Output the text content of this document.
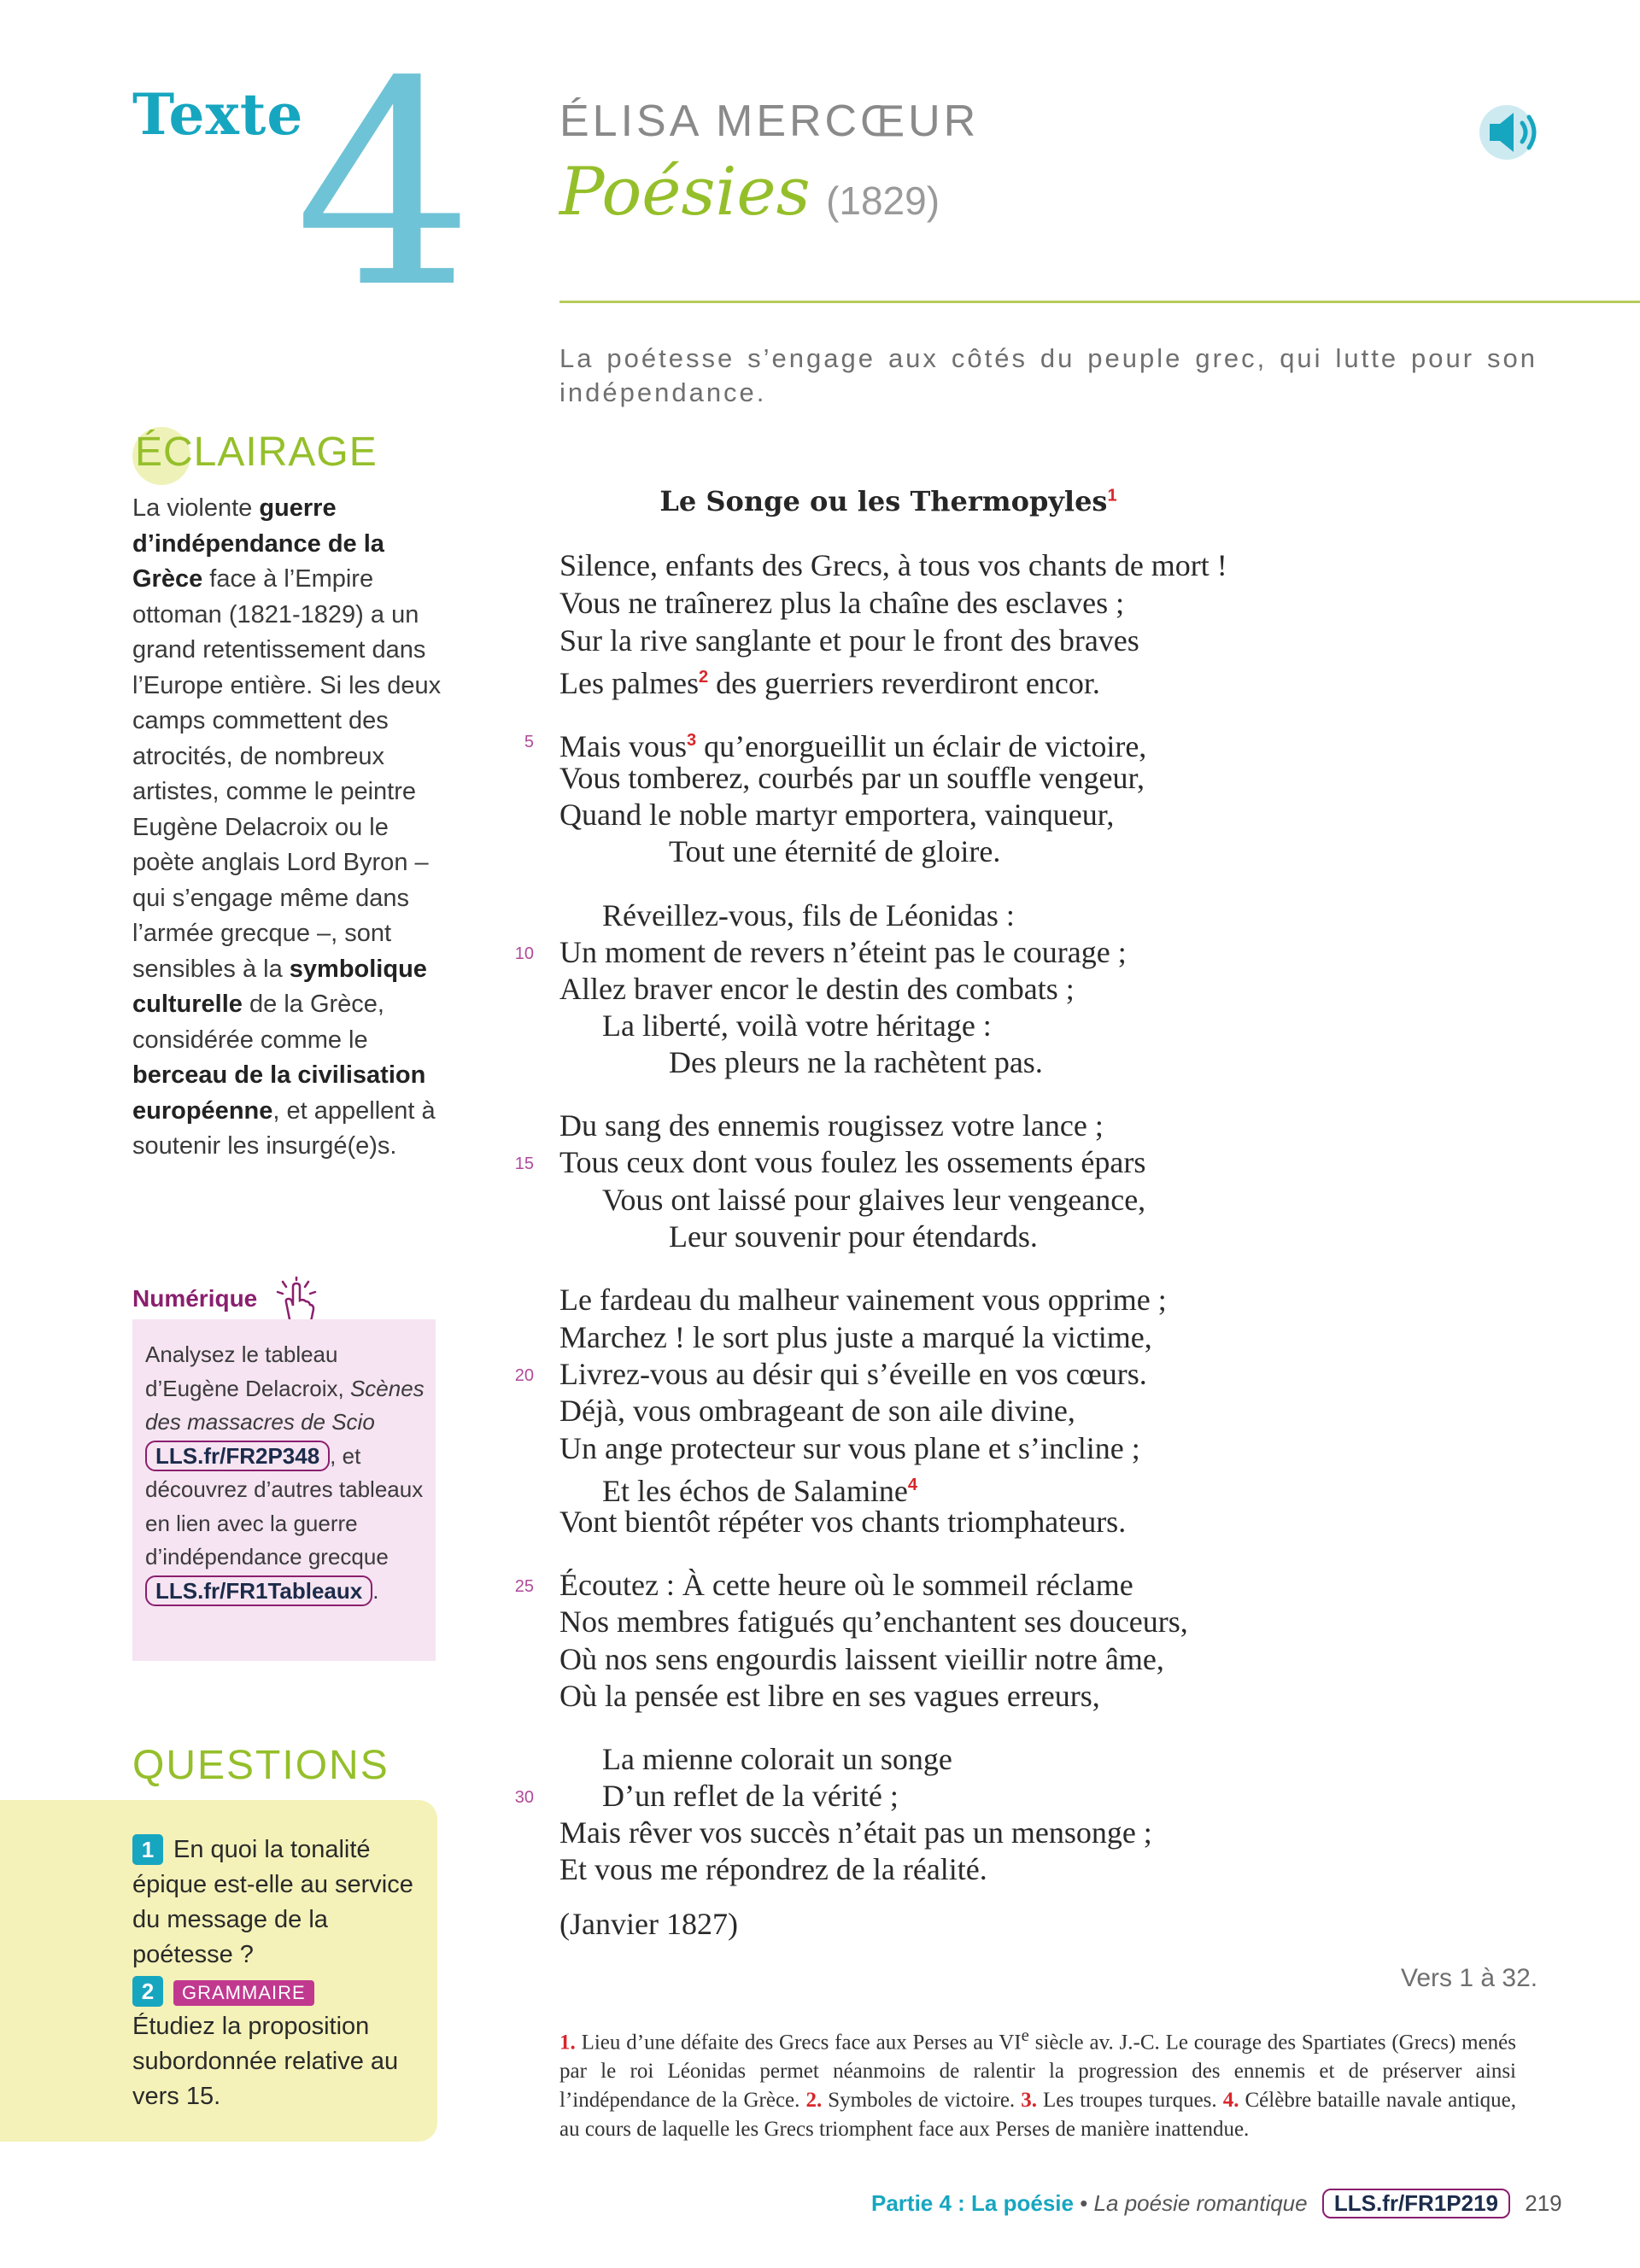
Texte
4 ÉLISA MERCŒUR
Poésies (1829)
La poétesse s’engage aux côtés du peuple grec, qui lutte pour son indépendance.
Le Songe ou les Thermopyles$^1$
Silence, enfants des Grecs, à tous vos chants de mort !
Vous ne traînerez plus la chaîne des esclaves ;
Sur la rive sanglante et pour le front des braves
Les palmes$^2$ des guerriers reverdiront encor.
5 Mais vous$^3$ qu’enorgueillit un éclair de victoire,
Vous tomberez, courbés par un souffle vengeur,
Quand le noble martyr emportera, vainqueur,
Tout une éternité de gloire.
Réveillez-vous, fils de Léonidas :
10 Un moment de revers n’éteint pas le courage ;
Allez braver encor le destin des combats ;
La liberté, voilà votre héritage :
Des pleurs ne la rachètent pas.
Du sang des ennemis rougissez votre lance ;
15 Tous ceux dont vous foulez les ossements épars
Vous ont laissé pour glaives leur vengeance,
Leur souvenir pour étendards.
Le fardeau du malheur vainement vous opprime ;
Marchez ! le sort plus juste a marqué la victime,
20 Livrez-vous au désir qui s’éveille en vos cœurs.
Déjà, vous ombrageant de son aile divine,
Un ange protecteur sur vous plane et s’incline ;
Et les échos de Salamine$^4$
Vont bientôt répéter vos chants triomphateurs.
25 Écoutez : À cette heure où le sommeil réclame
Nos membres fatigués qu’enchantent ses douceurs,
Où nos sens engourdis laissent vieillir notre âme,
Où la pensée est libre en ses vagues erreurs,
La mienne colorait un songe
30 D’un reflet de la vérité ;
Mais rêver vos succès n’était pas un mensonge ;
Et vous me répondrez de la réalité.
(Janvier 1827)
Vers 1 à 32.
1. Lieu d’une défaite des Grecs face aux Perses au VIe siècle av. J.-C. Le courage des Spartiates (Grecs) menés par le roi Léonidas permet néanmoins de ralentir la progression des ennemis et de préserver ainsi l’indépendance de la Grèce. 2. Symboles de victoire. 3. Les troupes turques. 4. Célèbre bataille navale antique, au cours de laquelle les Grecs triomphent face aux Perses de manière inattendue.
ÉCLAIRAGE
La violente guerre d’indépendance de la Grèce face à l’Empire ottoman (1821-1829) a un grand retentissement dans l’Europe entière. Si les deux camps commettent des atrocités, de nombreux artistes, comme le peintre Eugène Delacroix ou le poète anglais Lord Byron – qui s’engage même dans l’armée grecque –, sont sensibles à la symbolique culturelle de la Grèce, considérée comme le berceau de la civilisation européenne, et appellent à soutenir les insurgé(e)s.
Numérique
Analysez le tableau d’Eugène Delacroix, Scènes des massacres de Scio LLS.fr/FR2P348 , et découvrez d’autres tableaux en lien avec la guerre d’indépendance grecque LLS.fr/FR1Tableaux .
QUESTIONS
1 En quoi la tonalité épique est-elle au service du message de la poétesse ?
2 GRAMMAIRE
Étudiez la proposition subordonnée relative au vers 15.
Partie 4 : La poésie • La poésie romantique LLS.fr/FR1P219 219
